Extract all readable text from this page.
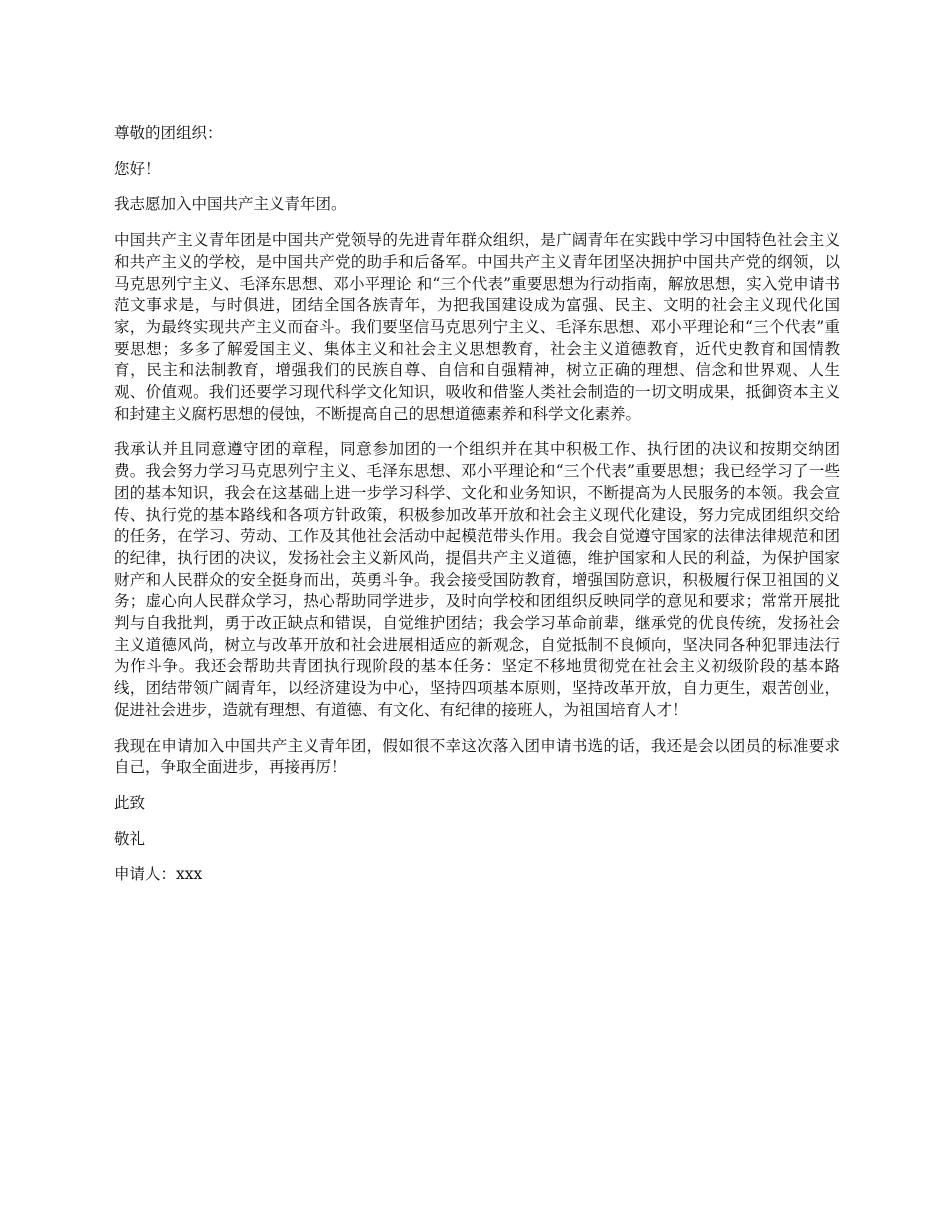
尊敬的团组织：

您好！

我志愿加入中国共产主义青年团。

中国共产主义青年团是中国共产党领导的先进青年群众组织，是广阔青年在实践中学习中国特色社会主义和共产主义的学校，是中国共产党的助手和后备军。中国共产主义青年团坚决拥护中国共产党的纲领，以马克思列宁主义、毛泽东思想、邓小平理论 和“三个代表”重要思想为行动指南，解放思想，实入党申请书范文事求是，与时俱进，团结全国各族青年，为把我国建设成为富强、民主、文明的社会主义现代化国家，为最终实现共产主义而奋斗。我们要坚信马克思列宁主义、毛泽东思想、邓小平理论和“三个代表”重要思想；多多了解爱国主义、集体主义和社会主义思想教育，社会主义道德教育，近代史教育和国情教育，民主和法制教育，增强我们的民族自尊、自信和自强精神，树立正确的理想、信念和世界观、人生观、价值观。我们还要学习现代科学文化知识，吸收和借鉴人类社会制造的一切文明成果，抵御资本主义和封建主义腐朽思想的侵蚀，不断提高自己的思想道德素养和科学文化素养。

我承认并且同意遵守团的章程，同意参加团的一个组织并在其中积极工作、执行团的决议和按期交纳团费。我会努力学习马克思列宁主义、毛泽东思想、邓小平理论和“三个代表”重要思想；我已经学习了一些团的基本知识，我会在这基础上进一步学习科学、文化和业务知识，不断提高为人民服务的本领。我会宣传、执行党的基本路线和各项方针政策，积极参加改革开放和社会主义现代化建设，努力完成团组织交给的任务，在学习、劳动、工作及其他社会活动中起模范带头作用。我会自觉遵守国家的法律法律规范和团的纪律，执行团的决议，发扬社会主义新风尚，提倡共产主义道德，维护国家和人民的利益，为保护国家财产和人民群众的安全挺身而出，英勇斗争。我会接受国防教育，增强国防意识，积极履行保卫祖国的义务；虚心向人民群众学习，热心帮助同学进步，及时向学校和团组织反映同学的意见和要求；常常开展批判与自我批判，勇于改正缺点和错误，自觉维护团结；我会学习革命前辈，继承党的优良传统，发扬社会主义道德风尚，树立与改革开放和社会进展相适应的新观念，自觉抵制不良倾向，坚决同各种犯罪违法行为作斗争。我还会帮助共青团执行现阶段的基本任务：坚定不移地贯彻党在社会主义初级阶段的基本路线，团结带领广阔青年，以经济建设为中心，坚持四项基本原则，坚持改革开放，自力更生，艰苦创业，促进社会进步，造就有理想、有道德、有文化、有纪律的接班人，为祖国培育人才！

我现在申请加入中国共产主义青年团，假如很不幸这次落入团申请书选的话，我还是会以团员的标准要求自己，争取全面进步，再接再厉！

此致

敬礼

申请人：xxx
